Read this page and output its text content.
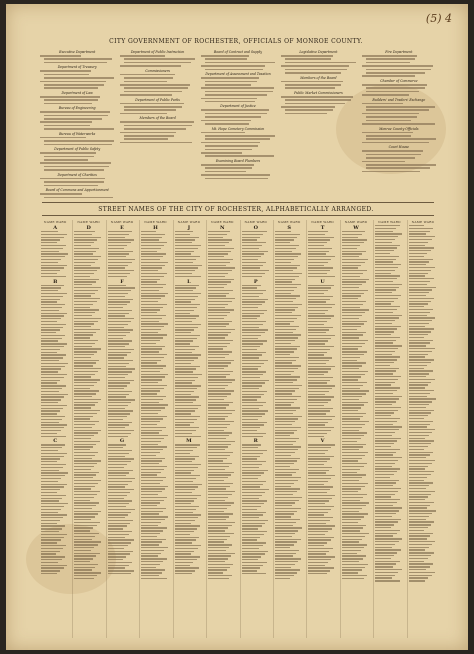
(5) 4
CITY GOVERNMENT OF ROCHESTER, OFFICIALS OF MONROE COUNTY.
Executive Department
Department of Treasury
Department of Law
Bureau of Engineering
Bureau of Waterworks
Department of Public Safety
Department of Charities
Board of Commons and Apportionment
Department of Public Instruction
Commissioners
Department of Public Parks
Members of the Board
Board of Contract and Supply
Department of Assessment and Taxation
Department of Justice
Mt. Hope Cemetery Commission
Examining Board Plumbers
Legislative Department
Members of the Board
Public Market Commissioners
Fire Department
Chamber of Commerce
Builders' and Traders' Exchange
Monroe County Officials
Court House
STREET NAMES OF THE CITY OF ROCHESTER, ALPHABETICALLY ARRANGED.
NAME WARD
A
B
C
NAME WARD
D
NAME WARD
E
F
G
NAME WARD
H
NAME WARD
J
L
M
NAME WARD
N
NAME WARD
O
P
R
NAME WARD
S
NAME WARD
T
U
V
NAME WARD
W
NAME WARD	NAME WARD
